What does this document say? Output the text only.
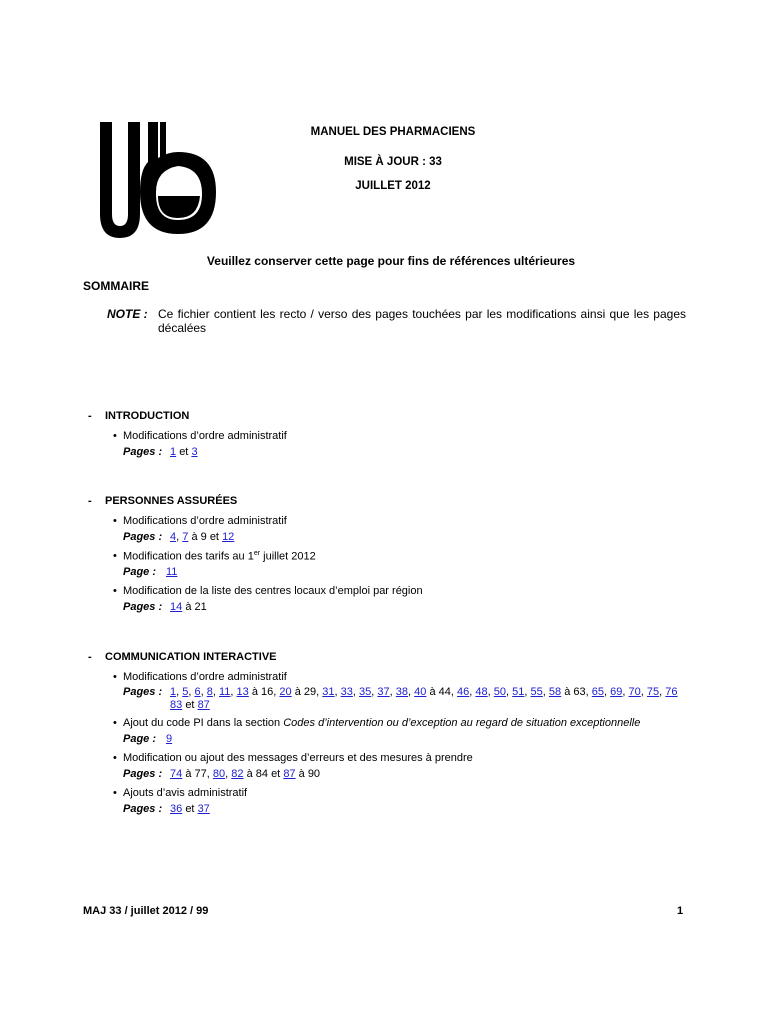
MANUEL DES PHARMACIENS
MISE À JOUR : 33
JUILLET 2012
Veuillez conserver cette page pour fins de références ultérieures
SOMMAIRE
NOTE : Ce fichier contient les recto / verso des pages touchées par les modifications ainsi que les pages décalées
- INTRODUCTION
• Modifications d’ordre administratif
Pages : 1 et 3
- PERSONNES ASSURÉES
• Modifications d’ordre administratif
Pages : 4, 7 à 9 et 12
• Modification des tarifs au 1er juillet 2012
Page : 11
• Modification de la liste des centres locaux d’emploi par région
Pages : 14 à 21
- COMMUNICATION INTERACTIVE
• Modifications d’ordre administratif
Pages : 1, 5, 6, 8, 11, 13 à 16, 20 à 29, 31, 33, 35, 37, 38, 40 à 44, 46, 48, 50, 51, 55, 58 à 63, 65, 69, 70, 75, 76 83 et 87
• Ajout du code PI dans la section Codes d’intervention ou d’exception au regard de situation exceptionnelle
Page : 9
• Modification ou ajout des messages d’erreurs et des mesures à prendre
Pages : 74 à 77, 80, 82 à 84 et 87 à 90
• Ajouts d’avis administratif
Pages : 36 et 37
MAJ 33 / juillet 2012 / 99	1
